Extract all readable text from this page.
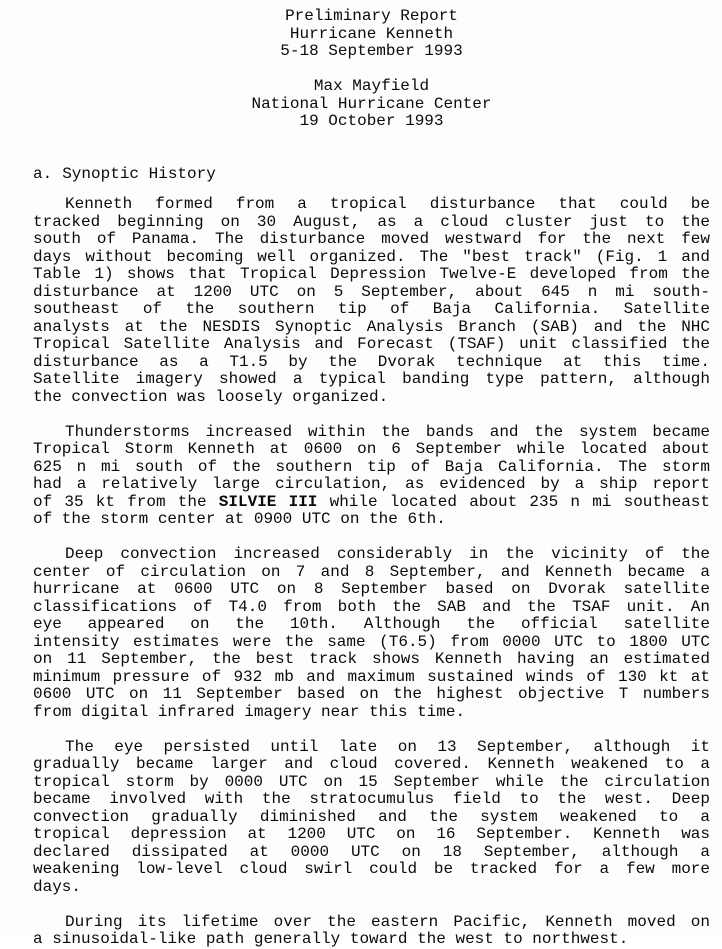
Preliminary Report
Hurricane Kenneth
5-18 September 1993
Max Mayfield
National Hurricane Center
19 October 1993
a. Synoptic History
Kenneth formed from a tropical disturbance that could be
tracked beginning on 30 August, as a cloud cluster just to the
south of Panama. The disturbance moved westward for the next few
days without becoming well organized. The "best track" (Fig. 1 and
Table 1) shows that Tropical Depression Twelve-E developed from the
disturbance at 1200 UTC on 5 September, about 645 n mi south-
southeast of the southern tip of Baja California. Satellite
analysts at the NESDIS Synoptic Analysis Branch (SAB) and the NHC
Tropical Satellite Analysis and Forecast (TSAF) unit classified the
disturbance as a T1.5 by the Dvorak technique at this time.
Satellite imagery showed a typical banding type pattern, although
the convection was loosely organized.
Thunderstorms increased within the bands and the system became
Tropical Storm Kenneth at 0600 on 6 September while located about
625 n mi south of the southern tip of Baja California. The storm
had a relatively large circulation, as evidenced by a ship report
of 35 kt from the SILVIE III while located about 235 n mi southeast
of the storm center at 0900 UTC on the 6th.
Deep convection increased considerably in the vicinity of the
center of circulation on 7 and 8 September, and Kenneth became a
hurricane at 0600 UTC on 8 September based on Dvorak satellite
classifications of T4.0 from both the SAB and the TSAF unit. An
eye appeared on the 10th. Although the official satellite
intensity estimates were the same (T6.5) from 0000 UTC to 1800 UTC
on 11 September, the best track shows Kenneth having an estimated
minimum pressure of 932 mb and maximum sustained winds of 130 kt at
0600 UTC on 11 September based on the highest objective T numbers
from digital infrared imagery near this time.
The eye persisted until late on 13 September, although it
gradually became larger and cloud covered. Kenneth weakened to a
tropical storm by 0000 UTC on 15 September while the circulation
became involved with the stratocumulus field to the west. Deep
convection gradually diminished and the system weakened to a
tropical depression at 1200 UTC on 16 September. Kenneth was
declared dissipated at 0000 UTC on 18 September, although a
weakening low-level cloud swirl could be tracked for a few more
days.
During its lifetime over the eastern Pacific, Kenneth moved on
a sinusoidal-like path generally toward the west to northwest.
